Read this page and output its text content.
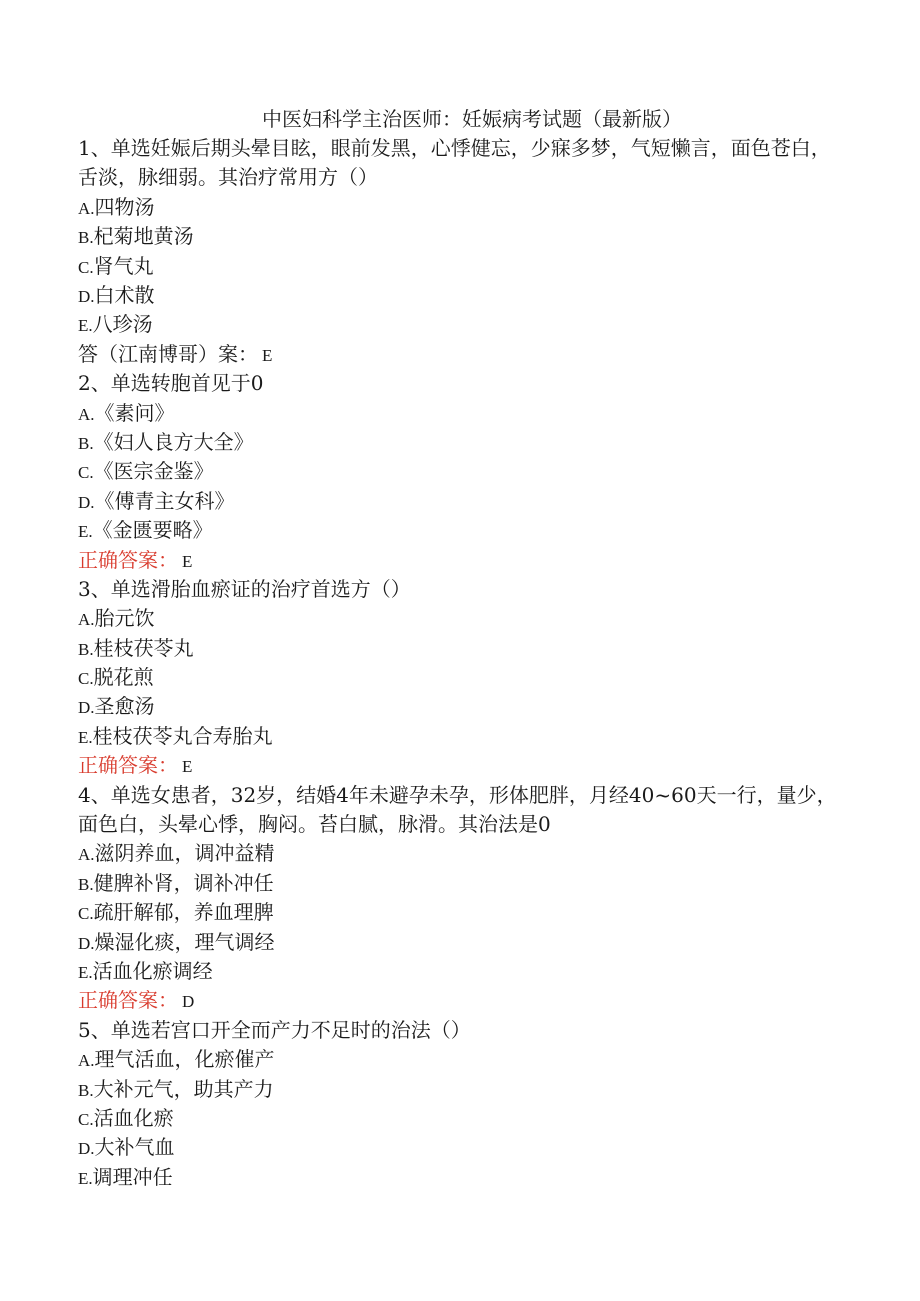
中医妇科学主治医师：妊娠病考试题（最新版）
1、单选妊娠后期头晕目眩，眼前发黑，心悸健忘，少寐多梦，气短懒言，面色苍白，舌淡，脉细弱。其治疗常用方（）
A.四物汤
B.杞菊地黄汤
C.肾气丸
D.白术散
E.八珍汤
答（江南博哥）案： E
2、单选转胞首见于0
A.《素问》
B.《妇人良方大全》
C.《医宗金鉴》
D.《傅青主女科》
E.《金匮要略》
正确答案： E
3、单选滑胎血瘀证的治疗首选方（）
A.胎元饮
B.桂枝茯苓丸
C.脱花煎
D.圣愈汤
E.桂枝茯苓丸合寿胎丸
正确答案： E
4、单选女患者，32岁，结婚4年未避孕未孕，形体肥胖，月经40~60天一行，量少，面色白，头晕心悸，胸闷。苔白腻，脉滑。其治法是0
A.滋阴养血，调冲益精
B.健脾补肾，调补冲任
C.疏肝解郁，养血理脾
D.燥湿化痰，理气调经
E.活血化瘀调经
正确答案： D
5、单选若宫口开全而产力不足时的治法（）
A.理气活血，化瘀催产
B.大补元气，助其产力
C.活血化瘀
D.大补气血
E.调理冲任
